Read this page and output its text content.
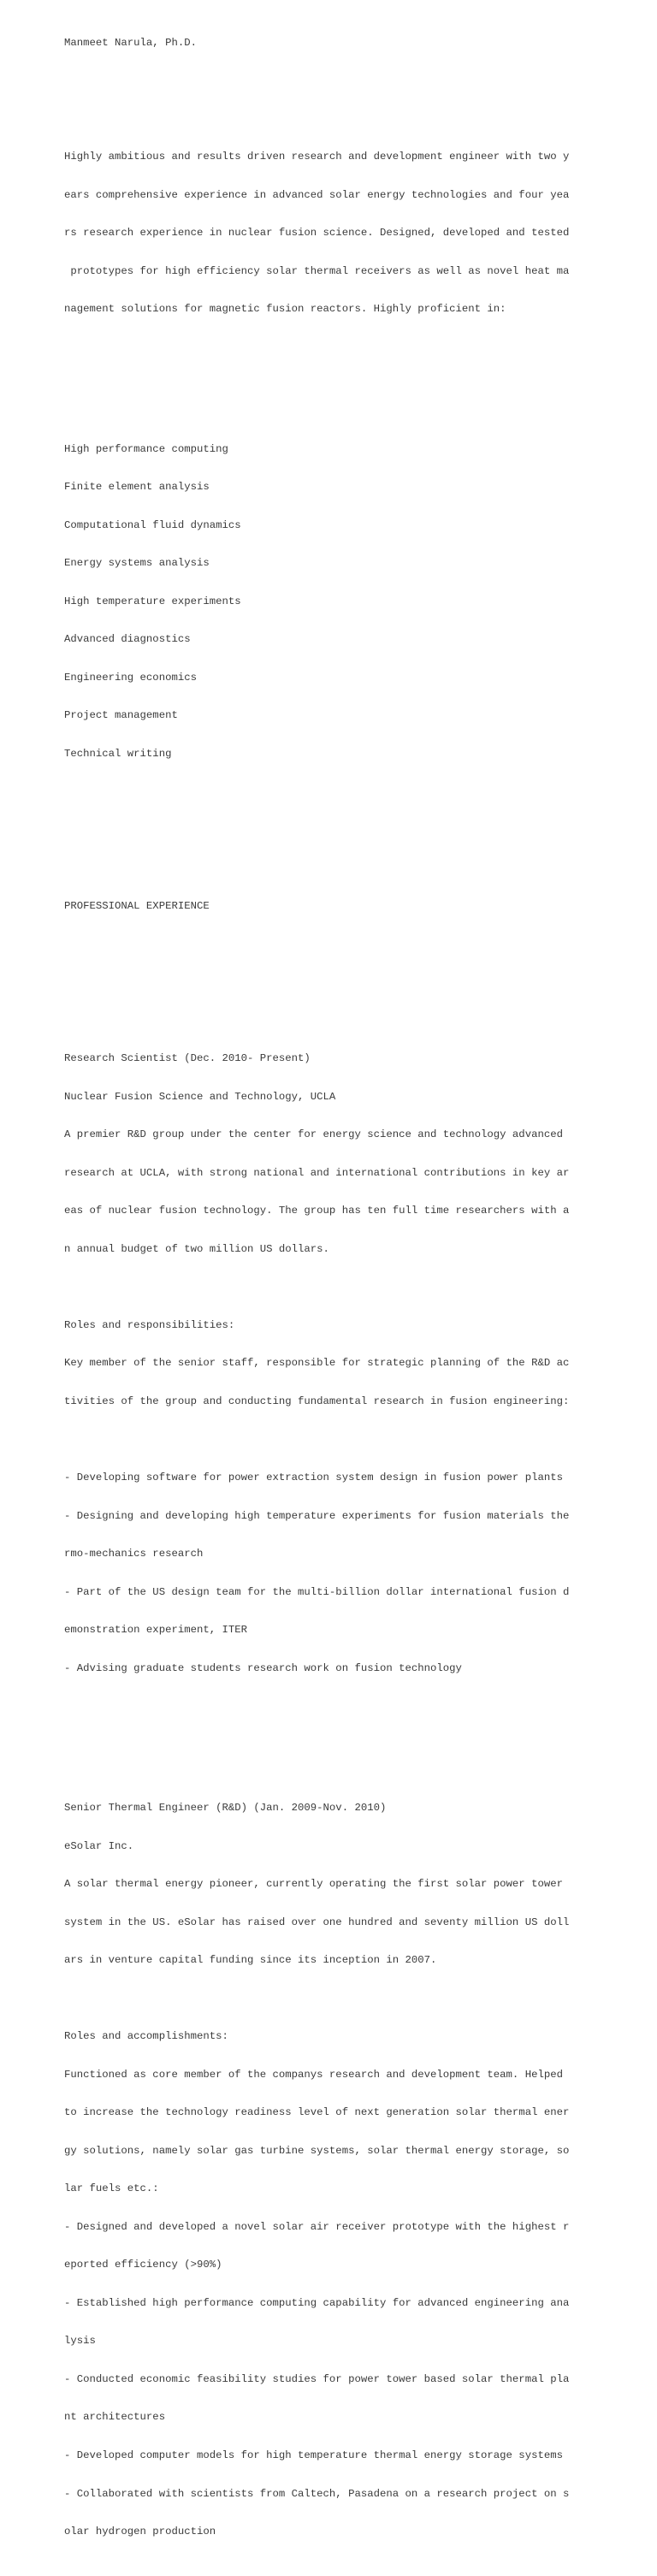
Manmeet Narula, Ph.D.

Highly ambitious and results driven research and development engineer with two y

ears comprehensive experience in advanced solar energy technologies and four yea

rs research experience in nuclear fusion science. Designed, developed and tested

prototypes for high efficiency solar thermal receivers as well as novel heat ma

nagement solutions for magnetic fusion reactors. Highly proficient in:

High performance computing

Finite element analysis

Computational fluid dynamics

Energy systems analysis

High temperature experiments

Advanced diagnostics

Engineering economics

Project management

Technical writing

PROFESSIONAL EXPERIENCE

Research Scientist (Dec. 2010- Present)

Nuclear Fusion Science and Technology, UCLA

A premier R&D group under the center for energy science and technology advanced

research at UCLA, with strong national and international contributions in key ar

eas of nuclear fusion technology. The group has ten full time researchers with a

n annual budget of two million US dollars.

Roles and responsibilities:

Key member of the senior staff, responsible for strategic planning of the R&D ac

tivities of the group and conducting fundamental research in fusion engineering:

- Developing software for power extraction system design in fusion power plants

- Designing and developing high temperature experiments for fusion materials the

rmo-mechanics research

- Part of the US design team for the multi-billion dollar international fusion d

emonstration experiment, ITER

- Advising graduate students research work on fusion technology

Senior Thermal Engineer (R&D) (Jan. 2009-Nov. 2010)

eSolar Inc.

A solar thermal energy pioneer, currently operating the first solar power tower

system in the US. eSolar has raised over one hundred and seventy million US doll

ars in venture capital funding since its inception in 2007.

Roles and accomplishments:

Functioned as core member of the companys research and development team. Helped

to increase the technology readiness level of next generation solar thermal ener

gy solutions, namely solar gas turbine systems, solar thermal energy storage, so

lar fuels etc.:

- Designed and developed a novel solar air receiver prototype with the highest r

eported efficiency (>90%)

- Established high performance computing capability for advanced engineering ana

lysis

- Conducted economic feasibility studies for power tower based solar thermal pla

nt architectures

- Developed computer models for high temperature thermal energy storage systems

- Collaborated with scientists from Caltech, Pasadena on a research project on s

olar hydrogen production
